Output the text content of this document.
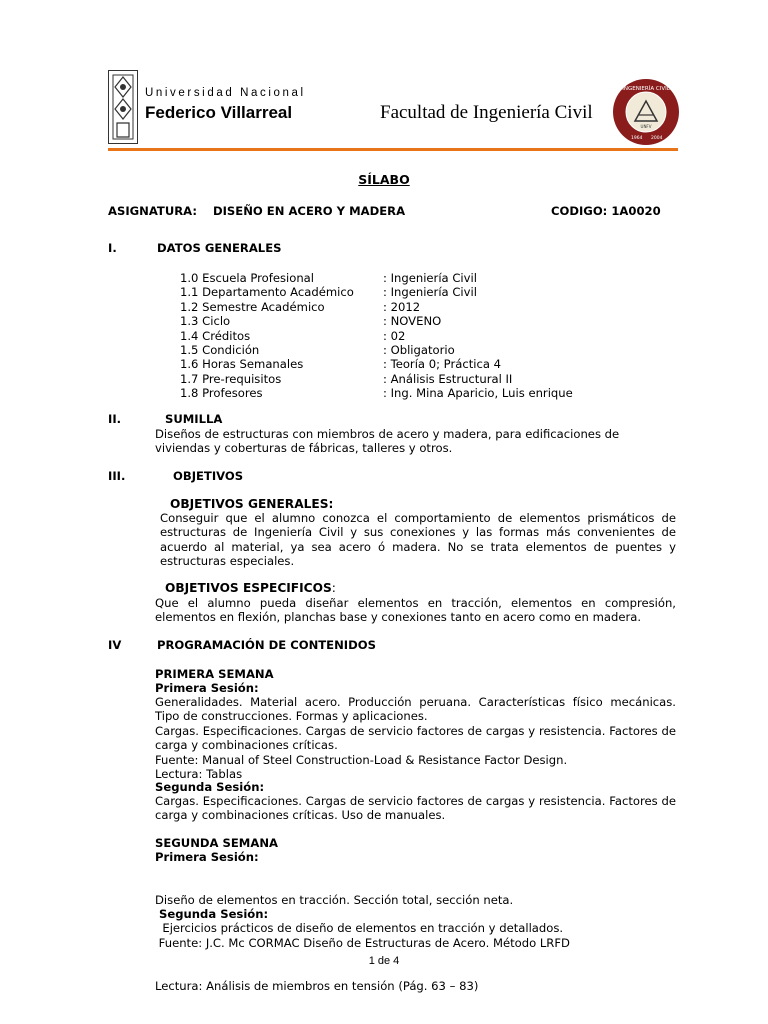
Universidad Nacional
Federico Villarreal	Facultad de Ingeniería Civil
INGENIERÍA CIVIL
UNFV
1964 2004
SÍLABO
ASIGNATURA: DISEÑO EN ACERO Y MADERA	CODIGO: 1A0020
I.	DATOS GENERALES
1.0 Escuela Profesional	: Ingeniería Civil
1.1 Departamento Académico	: Ingeniería Civil
1.2 Semestre Académico	: 2012
1.3 Ciclo	: NOVENO
1.4 Créditos	: 02
1.5 Condición	: Obligatorio
1.6 Horas Semanales	: Teoría 0; Práctica 4
1.7 Pre-requisitos	: Análisis Estructural II
1.8 Profesores	: Ing. Mina Aparicio, Luis enrique
II.	SUMILLA
Diseños de estructuras con miembros de acero y madera, para edificaciones de viviendas y coberturas de fábricas, talleres y otros.
III.	OBJETIVOS
OBJETIVOS GENERALES:
Conseguir que el alumno conozca el comportamiento de elementos prismáticos de estructuras de Ingeniería Civil y sus conexiones y las formas más convenientes de acuerdo al material, ya sea acero ó madera. No se trata elementos de puentes y estructuras especiales.
OBJETIVOS ESPECIFICOS:
Que el alumno pueda diseñar elementos en tracción, elementos en compresión, elementos en flexión, planchas base y conexiones tanto en acero como en madera.
IV	PROGRAMACIÓN DE CONTENIDOS
PRIMERA SEMANA
Primera Sesión:
Generalidades. Material acero. Producción peruana. Características físico mecánicas. Tipo de construcciones. Formas y aplicaciones.
Cargas. Especificaciones. Cargas de servicio factores de cargas y resistencia. Factores de carga y combinaciones críticas.
Fuente: Manual of Steel Construction-Load & Resistance Factor Design.
Lectura: Tablas
Segunda Sesión:
Cargas. Especificaciones. Cargas de servicio factores de cargas y resistencia. Factores de carga y combinaciones críticas. Uso de manuales.
SEGUNDA SEMANA
Primera Sesión:

Diseño de elementos en tracción. Sección total, sección neta.

Fuente: J.C. Mc CORMAC Diseño de Estructuras de Acero. Método LRFD

Lectura: Análisis de miembros en tensión (Pág. 63 – 83)

Segunda Sesión:
Ejercicios prácticos de diseño de elementos en tracción y detallados.
1 de 4
